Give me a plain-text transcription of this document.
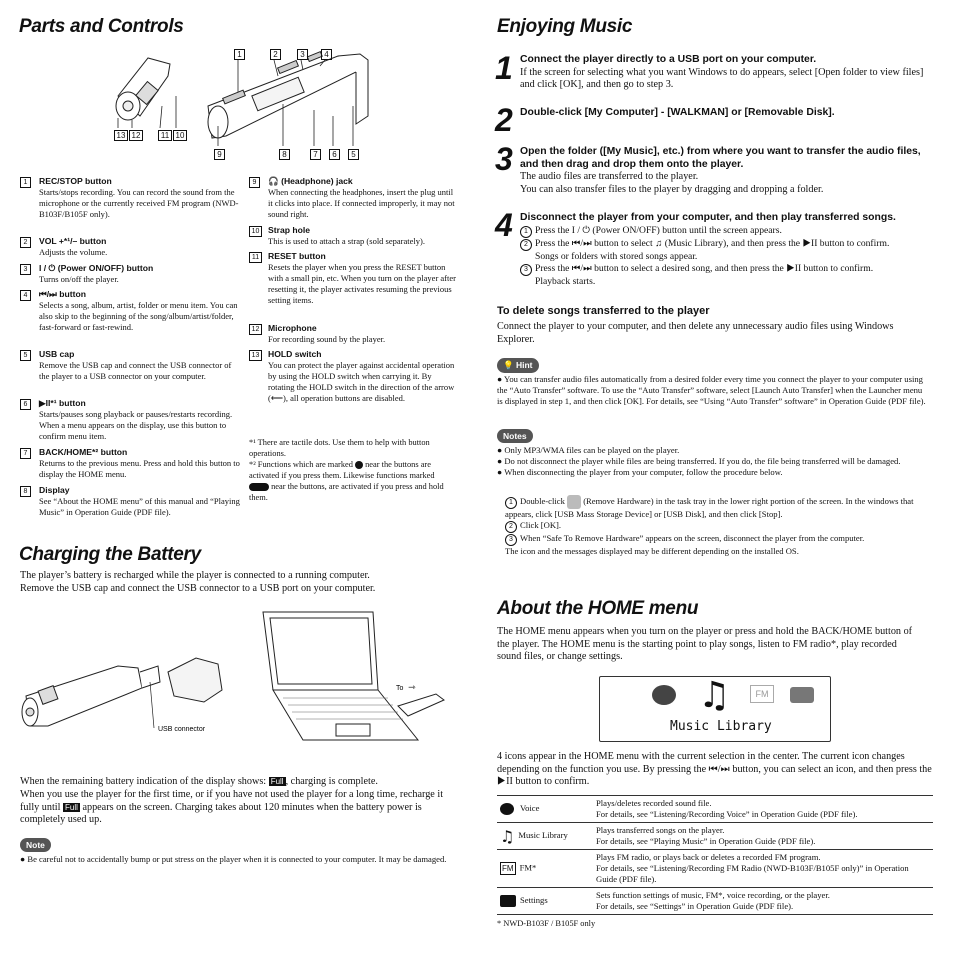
Parts and Controls
1	2	3	4
13 12	11 10
9	8	7	6	5
1	REC/STOP button
Starts/stops recording. You can record the sound from the microphone or the currently received FM program (NWD-B103F/B105F only).
2	VOL +*¹/– button
Adjusts the volume.
3	I / ⏻ (Power ON/OFF) button
Turns on/off the player.
4	⏮/⏭ button
Selects a song, album, artist, folder or menu item. You can also skip to the beginning of the song/album/artist/folder, fast-forward or fast-rewind.
5	USB cap
Remove the USB cap and connect the USB connector of the player to a USB connector on your computer.
6	▶II*¹ button
Starts/pauses song playback or pauses/restarts recording. When a menu appears on the display, use this button to confirm menu item.
7	BACK/HOME*² button
Returns to the previous menu. Press and hold this button to display the HOME menu.
8	Display
See “About the HOME menu” of this manual and “Playing Music” in Operation Guide (PDF file).
9	🎧 (Headphone) jack
When connecting the headphones, insert the plug until it clicks into place. If connected improperly, it may not sound right.
10	Strap hole
This is used to attach a strap (sold separately).
11	RESET button
Resets the player when you press the RESET button with a small pin, etc. When you turn on the player after resetting it, the player activates resuming the previous setting items.
12	Microphone
For recording sound by the player.
13	HOLD switch
You can protect the player against accidental operation by using the HOLD switch when carrying it. By rotating the HOLD switch in the direction of the arrow (⟵), all operation buttons are disabled.
*¹ There are tactile dots. Use them to help with button operations.
*² Functions which are marked near the buttons are activated if you press them. Likewise functions marked  near the buttons, are activated if you press and hold them.
Charging the Battery
The player’s battery is recharged while the player is connected to a running computer.
Remove the USB cap and connect the USB connector to a USB port on your computer.
USB connector
To ⇾
When the remaining battery indication of the display shows: Full , charging is complete.
When you use the player for the first time, or if you have not used the player for a long time, recharge it fully until Full appears on the screen. Charging takes about 120 minutes when the battery power is completely used up.
Note
● Be careful not to accidentally bump or put stress on the player when it is connected to your computer. It may be damaged.
Enjoying Music
1 Connect the player directly to a USB port on your computer.
If the screen for selecting what you want Windows to do appears, select [Open folder to view files] and click [OK], and then go to step 3.
2 Double-click [My Computer] - [WALKMAN] or [Removable Disk].
3 Open the folder ([My Music], etc.) from where you want to transfer the audio files, and then drag and drop them onto the player.
The audio files are transferred to the player.
You can also transfer files to the player by dragging and dropping a folder.
4 Disconnect the player from your computer, and then play transferred songs.
1 Press the I / ⏻ (Power ON/OFF) button until the screen appears.
2 Press the ⏮/⏭ button to select ♫ (Music Library), and then press the ▶II button to confirm.
Songs or folders with stored songs appear.
3 Press the ⏮/⏭ button to select a desired song, and then press the ▶II button to confirm.
Playback starts.
To delete songs transferred to the player
Connect the player to your computer, and then delete any unnecessary audio files using Windows Explorer.
💡 Hint
● You can transfer audio files automatically from a desired folder every time you connect the player to your computer using the “Auto Transfer” software. To use the “Auto Transfer” software, select [Launch Auto Transfer] when the Launcher menu is displayed in step 1, and then click [OK]. For details, see “Using “Auto Transfer” software” in Operation Guide (PDF file).
Notes
● Only MP3/WMA files can be played on the player.
● Do not disconnect the player while files are being transferred. If you do, the file being transferred will be damaged.
● When disconnecting the player from your computer, follow the procedure below.
1 Double-click (Remove Hardware) in the task tray in the lower right portion of the screen. In the windows that appears, click [USB Mass Storage Device] or [USB Disk], and then click [Stop].
2 Click [OK].
3 When “Safe To Remove Hardware” appears on the screen, disconnect the player from the computer.
The icon and the messages displayed may be different depending on the installed OS.
About the HOME menu
The HOME menu appears when you turn on the player or press and hold the BACK/HOME button of the player. The HOME menu is the starting point to play songs, listen to FM radio*, play recorded sound files, or change settings.
♫	FM
Music Library
4 icons appear in the HOME menu with the current selection in the center. The current icon changes depending on the function you use. By pressing the ⏮/⏭ button, you can select an icon, and then press the ▶II button to confirm.
Voice	Plays/deletes recorded sound file.
For details, see “Listening/Recording Voice” in Operation Guide (PDF file).

♫ Music Library	Plays transferred songs on the player.
For details, see “Playing Music” in Operation Guide (PDF file).

FM FM*	Plays FM radio, or plays back or deletes a recorded FM program.
For details, see “Listening/Recording FM Radio (NWD-B103F/B105F only)” in Operation Guide (PDF file).

Settings	Sets function settings of music, FM*, voice recording, or the player.
For details, see “Settings” in Operation Guide (PDF file).
* NWD-B103F / B105F only
